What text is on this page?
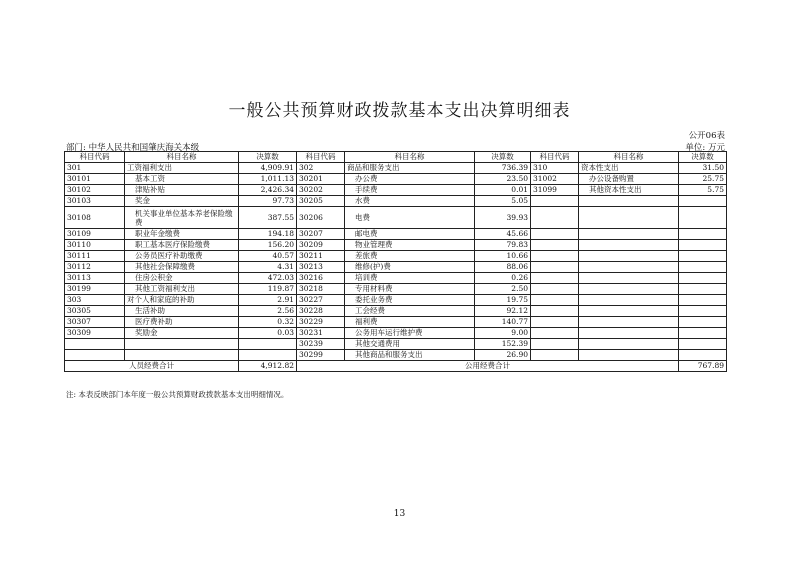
一般公共预算财政拨款基本支出决算明细表
公开06表
部门: 中华人民共和国肇庆海关本级	单位: 万元
科目代码	科目名称	决算数	科目代码	科目名称	决算数	科目代码	科目名称	决算数
301	工资福利支出	4,909.91	302	商品和服务支出	736.39	310	资本性支出	31.50
30101	基本工资	1,011.13	30201	办公费	23.50	31002	办公设备购置	25.75
30102	津贴补贴	2,426.34	30202	手续费	0.01	31099	其他资本性支出	5.75
30103	奖金	97.73	30205	水费	5.05			
30108	机关事业单位基本养老保险缴费	387.55	30206	电费	39.93			
30109	职业年金缴费	194.18	30207	邮电费	45.66			
30110	职工基本医疗保险缴费	156.20	30209	物业管理费	79.83			
30111	公务员医疗补助缴费	40.57	30211	差旅费	10.66			
30112	其他社会保障缴费	4.31	30213	维修(护)费	88.06			
30113	住房公积金	472.03	30216	培训费	0.26			
30199	其他工资福利支出	119.87	30218	专用材料费	2.50			
303	对个人和家庭的补助	2.91	30227	委托业务费	19.75			
30305	生活补助	2.56	30228	工会经费	92.12			
30307	医疗费补助	0.32	30229	福利费	140.77			
30309	奖励金	0.03	30231	公务用车运行维护费	9.00			
			30239	其他交通费用	152.39			
			30299	其他商品和服务支出	26.90			
人员经费合计		4,912.82	公用经费合计					767.89
注: 本表反映部门本年度一般公共预算财政拨款基本支出明细情况。
13
